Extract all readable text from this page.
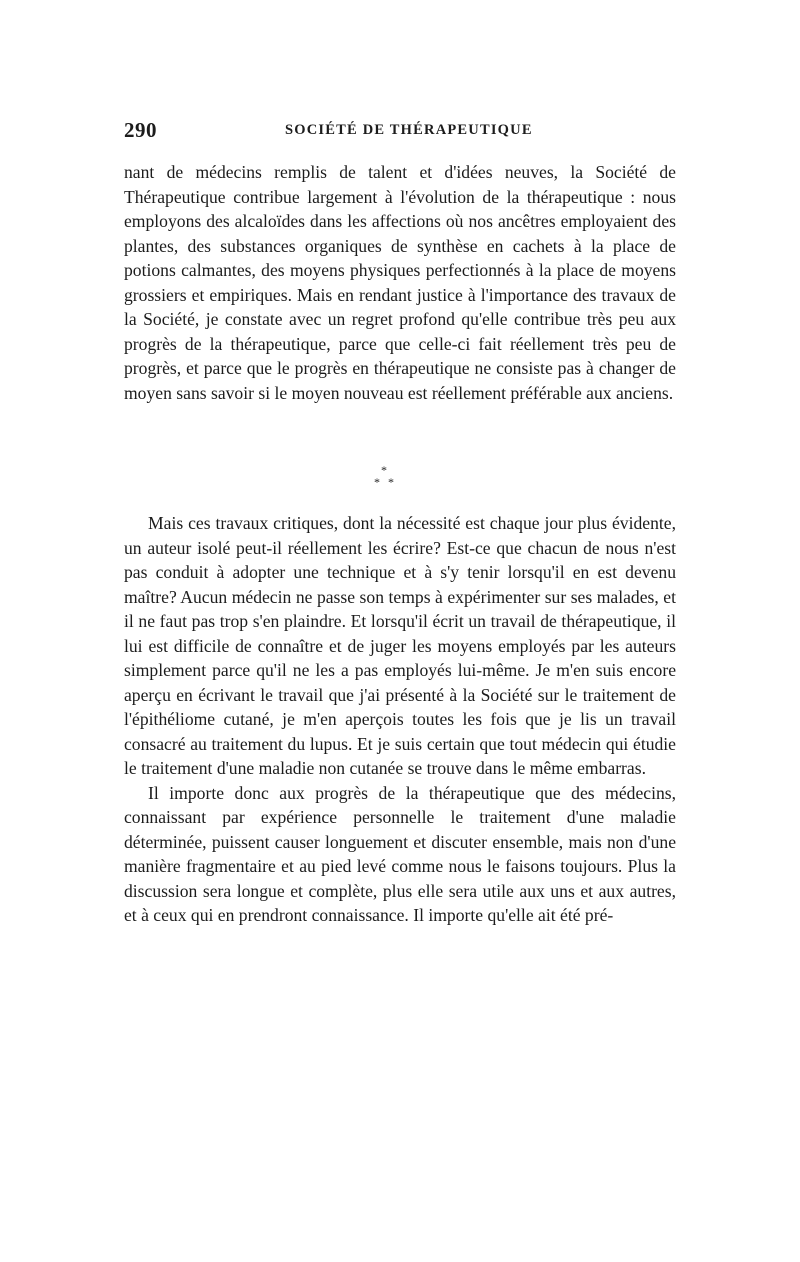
290	SOCIÉTÉ DE THÉRAPEUTIQUE

nant de médecins remplis de talent et d'idées neuves, la Société de Thérapeutique contribue largement à l'évolution de la thérapeutique : nous employons des alcaloïdes dans les affections où nos ancêtres employaient des plantes, des substances organiques de synthèse en cachets à la place de potions calmantes, des moyens physiques perfectionnés à la place de moyens grossiers et empiriques. Mais en rendant justice à l'importance des travaux de la Société, je constate avec un regret profond qu'elle contribue très peu aux progrès de la thérapeutique, parce que celle-ci fait réellement très peu de progrès, et parce que le progrès en thérapeutique ne consiste pas à changer de moyen sans savoir si le moyen nouveau est réellement préférable aux anciens.

*
* *

Mais ces travaux critiques, dont la nécessité est chaque jour plus évidente, un auteur isolé peut-il réellement les écrire? Est-ce que chacun de nous n'est pas conduit à adopter une technique et à s'y tenir lorsqu'il en est devenu maître? Aucun médecin ne passe son temps à expérimenter sur ses malades, et il ne faut pas trop s'en plaindre. Et lorsqu'il écrit un travail de thérapeutique, il lui est difficile de connaître et de juger les moyens employés par les auteurs simplement parce qu'il ne les a pas employés lui-même. Je m'en suis encore aperçu en écrivant le travail que j'ai présenté à la Société sur le traitement de l'épithéliome cutané, je m'en aperçois toutes les fois que je lis un travail consacré au traitement du lupus. Et je suis certain que tout médecin qui étudie le traitement d'une maladie non cutanée se trouve dans le même embarras.

Il importe donc aux progrès de la thérapeutique que des médecins, connaissant par expérience personnelle le traitement d'une maladie déterminée, puissent causer longuement et discuter ensemble, mais non d'une manière fragmentaire et au pied levé comme nous le faisons toujours. Plus la discussion sera longue et complète, plus elle sera utile aux uns et aux autres, et à ceux qui en prendront connaissance. Il importe qu'elle ait été pré-
